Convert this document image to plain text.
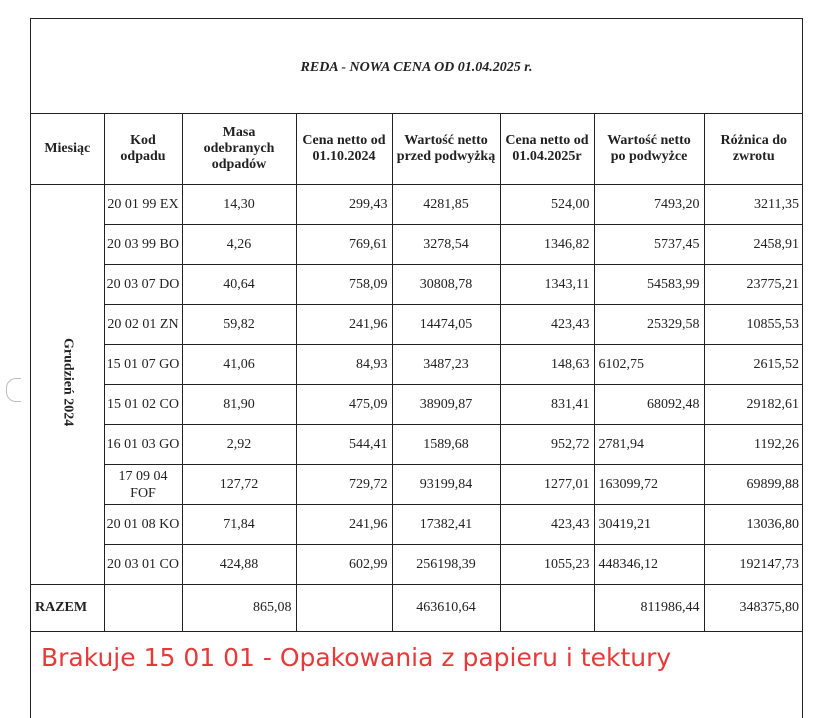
REDA - NOWA CENA OD 01.04.2025 r.
Miesiąc	Kod odpadu	Masa odebranych odpadów	Cena netto od 01.10.2024	Wartość netto przed podwyżką	Cena netto od 01.04.2025r	Wartość netto po podwyżce	Różnica do zwrotu
Grudzień 2024	20 01 99 EX	14,30	299,43	4281,85	524,00	7493,20	3211,35
	20 03 99 BO	4,26	769,61	3278,54	1346,82	5737,45	2458,91
	20 03 07 DO	40,64	758,09	30808,78	1343,11	54583,99	23775,21
	20 02 01 ZN	59,82	241,96	14474,05	423,43	25329,58	10855,53
	15 01 07 GO	41,06	84,93	3487,23	148,63	6102,75	2615,52
	15 01 02 CO	81,90	475,09	38909,87	831,41	68092,48	29182,61
	16 01 03 GO	2,92	544,41	1589,68	952,72	2781,94	1192,26
	17 09 04 FOF	127,72	729,72	93199,84	1277,01	163099,72	69899,88
	20 01 08 KO	71,84	241,96	17382,41	423,43	30419,21	13036,80
	20 03 01 CO	424,88	602,99	256198,39	1055,23	448346,12	192147,73
RAZEM		865,08		463610,64		811986,44	348375,80
Brakuje 15 01 01 - Opakowania z papieru i tektury
